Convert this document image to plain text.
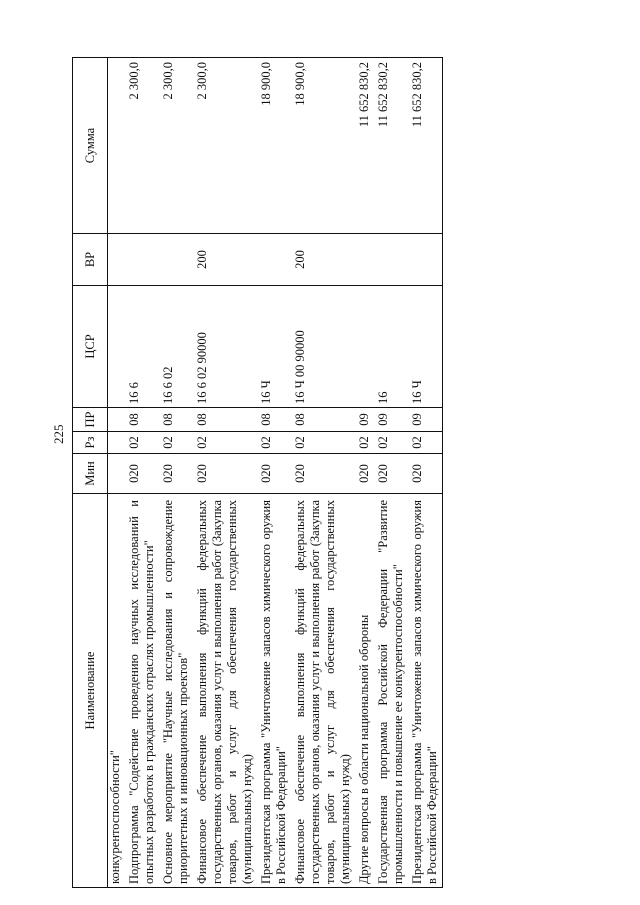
225
Наименование	Мин	Рз	ПР	ЦСР	ВР	Сумма
конкурентоспособности"						
Подпрограмма "Содействие проведению научных исследований и опытных разработок в гражданских отраслях промышленности"	020	02	08	16 6		2 300,0
Основное мероприятие "Научные исследования и сопровождение приоритетных и инновационных проектов"	020	02	08	16 6 02		2 300,0
Финансовое обеспечение выполнения функций федеральных государственных органов, оказания услуг и выполнения работ (Закупка товаров, работ и услуг для обеспечения государственных (муниципальных) нужд)	020	02	08	16 6 02 90000	200	2 300,0
Президентская программа "Уничтожение запасов химического оружия в Российской Федерации"	020	02	08	16 Ч		18 900,0
Финансовое обеспечение выполнения функций федеральных государственных органов, оказания услуг и выполнения работ (Закупка товаров, работ и услуг для обеспечения государственных (муниципальных) нужд)	020	02	08	16 Ч 00 90000	200	18 900,0
Другие вопросы в области национальной обороны	020	02	09			11 652 830,2
Государственная программа Российской Федерации "Развитие промышленности и повышение ее конкурентоспособности"	020	02	09	16		11 652 830,2
Президентская программа "Уничтожение запасов химического оружия в Российской Федерации"	020	02	09	16 Ч		11 652 830,2
